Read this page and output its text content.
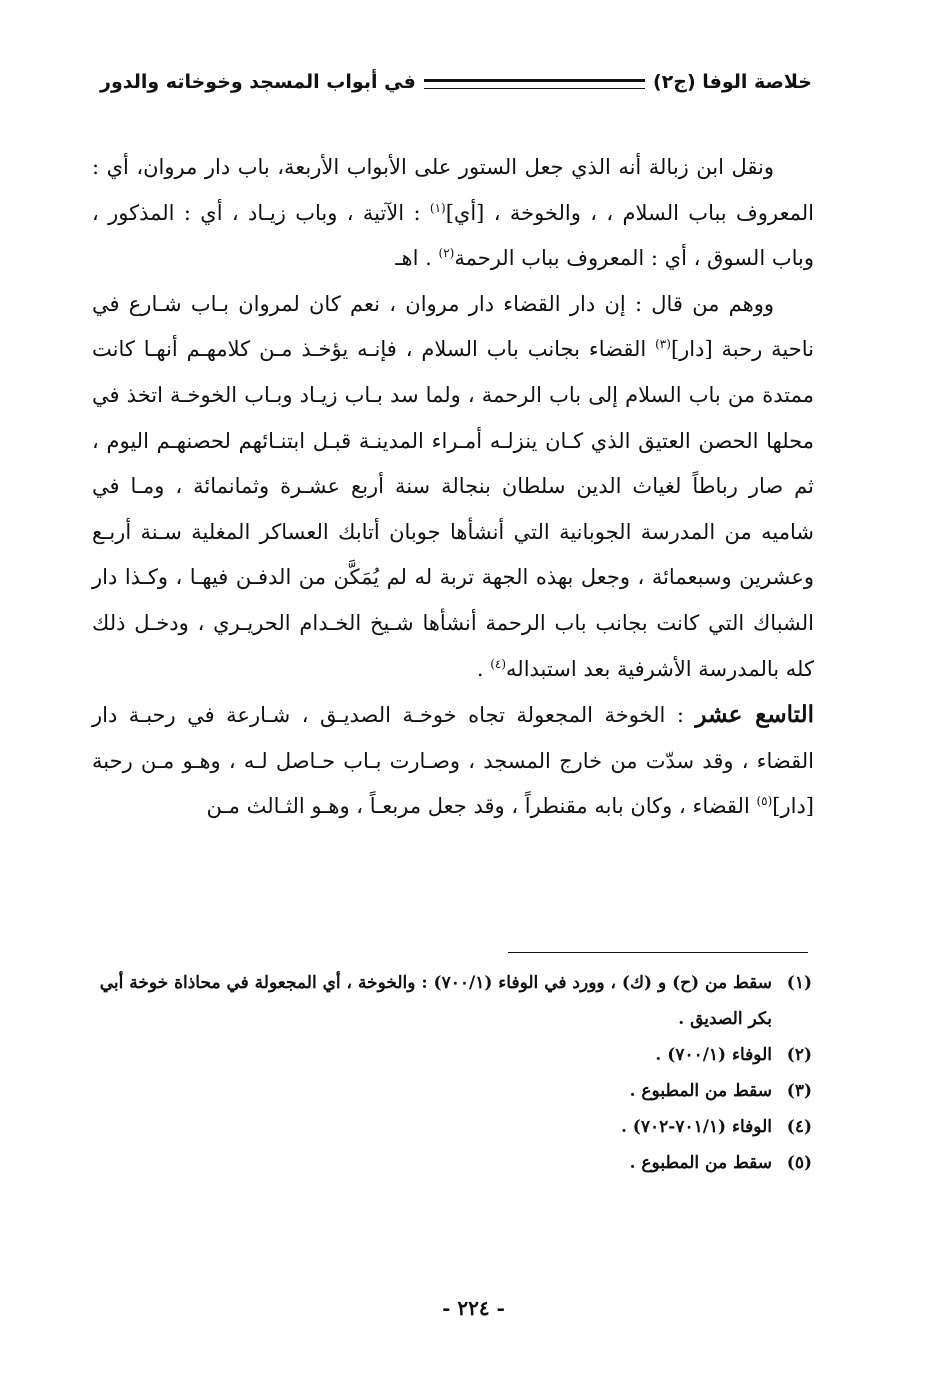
خلاصة الوفا (ج٢)
في أبواب المسجد وخوخاته والدور

ونقل ابن زبالة أنه الذي جعل الستور على الأبواب الأربعة، باب دار مروان، أي : المعروف بباب السلام ، ، والخوخة ، [أي]$^{(١)}$ : الآتية ، وباب زيـاد ، أي : المذكور ، وباب السوق ، أي : المعروف بباب الرحمة$^{(٢)}$ . اهـ

ووهم من قال : إن دار القضاء دار مروان ، نعم كان لمروان بـاب شـارع في ناحية رحبة [دار]$^{(٣)}$ القضاء بجانب باب السلام ، فإنـه يؤخـذ مـن كلامهـم أنهـا كانت ممتدة من باب السلام إلى باب الرحمة ، ولما سد بـاب زيـاد وبـاب الخوخـة اتخذ في محلها الحصن العتيق الذي كـان ينزلـه أمـراء المدينـة قبـل ابتنـائهم لحصنهـم اليوم ، ثم صار رباطاً لغياث الدين سلطان بنجالة سنة أربع عشـرة وثمانمائة ، ومـا في شاميه من المدرسة الجوبانية التي أنشأها جوبان أتابك العساكر المغلية سـنة أربـع وعشرين وسبعمائة ، وجعل بهذه الجهة تربة له لم يُمَكَّن من الدفـن فيهـا ، وكـذا دار الشباك التي كانت بجانب باب الرحمة أنشأها شـيخ الخـدام الحريـري ، ودخـل ذلك كله بالمدرسة الأشرفية بعد استبداله$^{(٤)}$ .

التاسع عشر : الخوخة المجعولة تجاه خوخـة الصديـق ، شـارعة في رحبـة دار القضاء ، وقد سدّت من خارج المسجد ، وصـارت بـاب حـاصل لـه ، وهـو مـن رحبة [دار]$^{(٥)}$ القضاء ، وكان بابه مقنطراً ، وقد جعل مربعـاً ، وهـو الثـالث مـن

(١)
سقط من (ح) و (ك) ، وورد في الوفاء (٧٠٠/١) : والخوخة ، أي المجعولة في محاذاة خوخة أبي بكر الصديق .
(٢)
الوفاء (٧٠٠/١) .
(٣)
سقط من المطبوع .
(٤)
الوفاء (٧٠١/١-٧٠٢) .
(٥)
سقط من المطبوع .
- ٢٢٤ -
